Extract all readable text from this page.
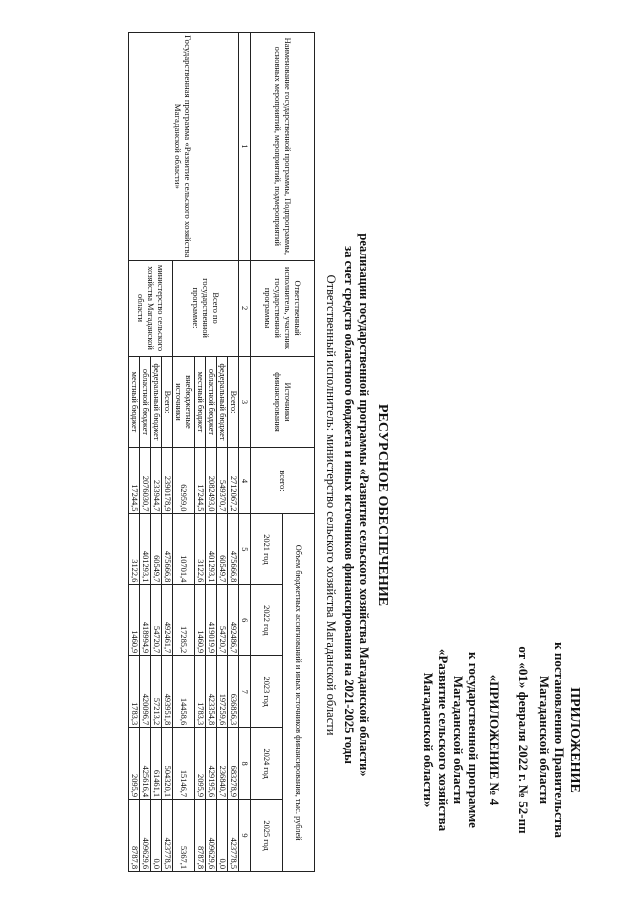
ПРИЛОЖЕНИЕ
к постановлению Правительства
Магаданской области
от «01» февраля 2022 г. № 52-пп
«ПРИЛОЖЕНИЕ № 4
к государственной программе
Магаданской области
«Развитие сельского хозяйства
Магаданской области»
РЕСУРСНОЕ ОБЕСПЕЧЕНИЕ
реализации государственной программы «Развитие сельского хозяйства Магаданской области»
за счет средств областного бюджета и иных источников финансирования на 2021-2025 годы
Ответственный исполнитель: министерство сельского хозяйства Магаданской области
Наименование государственной программы, Подпрограммы, основных мероприятий, мероприятий, подмероприятий	Ответственный исполнитель, участник государственной программы	Источники финансирования	всего:	Объем бюджетных ассигнований и иных источников финансирования, тыс. рублей				
				2021 год	2022 год	2023 год	2024 год	2025 год
1	2	3	4	5	6	7	8	9
Государственная программа «Развитие сельского хозяйства Магаданской области»	Всего по государственной программе:	Всего:	2712067,2	475666,8	492486,7	636856,3	683278,9	423778,5
		федеральный бюджет	549370,7	60549,7	54720,7	197259,6	236840,7	0,0
		областной бюджет	2082493,0	401293,1	419019,9	423354,8	429195,6	409629,6
		местный бюджет	17244,5	3122,6	1460,9	1783,3	2095,9	8787,8
		внебюджетные источники	62959,0	10701,4	17285,2	14458,6	15146,7	5367,1
	министерство сельского хозяйства Магаданской области	Всего:	2390178,9	475666,8	492461,7	493951,8	504320,1	423778,5
		федеральный бюджет	233944,7	60549,7	54720,7	57213,2	61461,1	0,0
		областной бюджет	2076030,7	401293,1	418994,9	420096,7	425616,4	409629,6
		местный бюджет	17244,5	3122,6	1460,9	1783,3	2095,9	8787,8
